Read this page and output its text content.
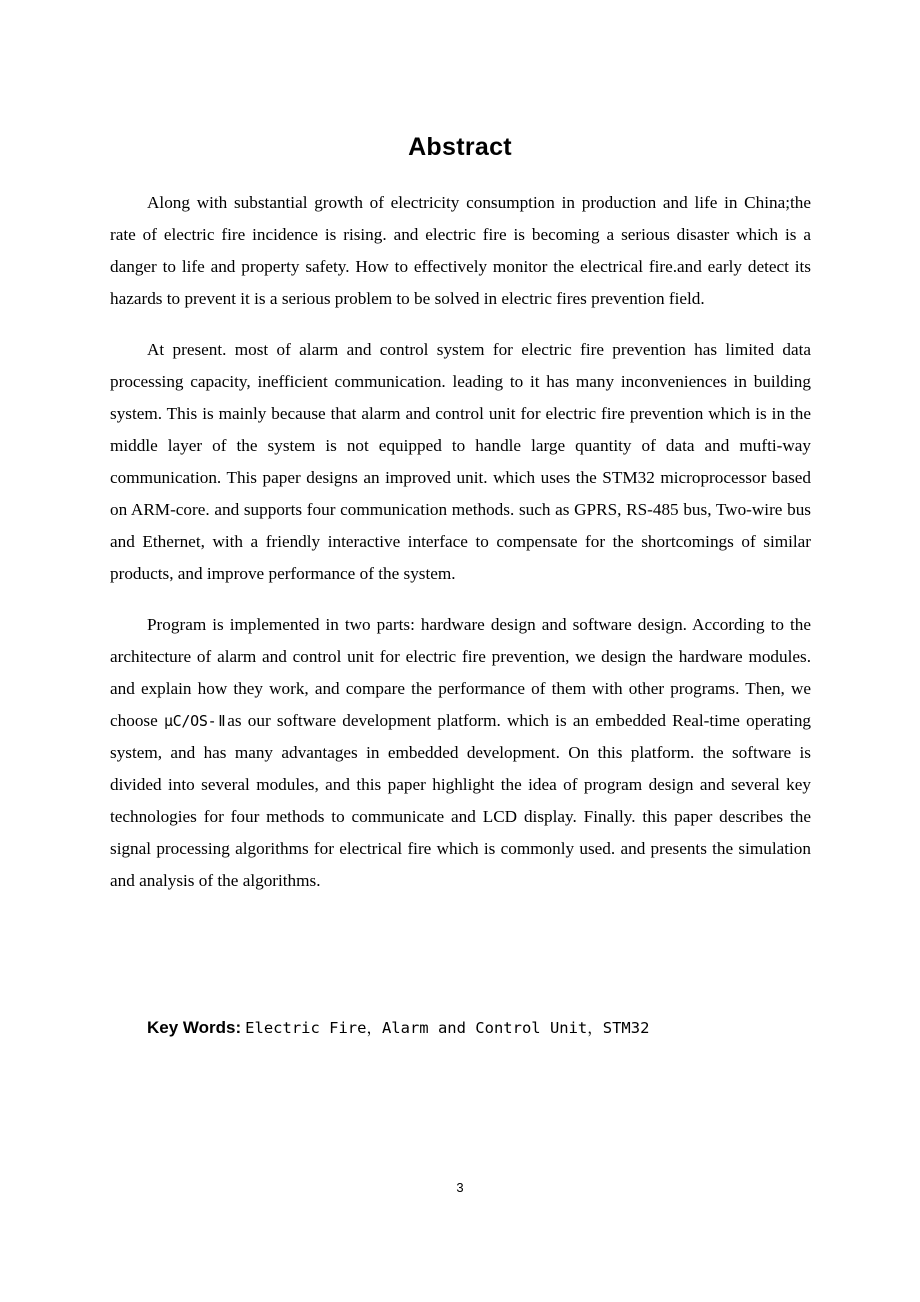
Abstract

Along with substantial growth of electricity consumption in production and life in China;the rate of electric fire incidence is rising. and electric fire is becoming a serious disaster which is a danger to life and property safety. How to effectively monitor the electrical fire.and early detect its hazards to prevent it is a serious problem to be solved in electric fires prevention field.

At present. most of alarm and control system for electric fire prevention has limited data processing capacity, inefficient communication. leading to it has many inconveniences in building system. This is mainly because that alarm and control unit for electric fire prevention which is in the middle layer of the system is not equipped to handle large quantity of data and mufti-way communication. This paper designs an improved unit. which uses the STM32 microprocessor based on ARM-core. and supports four communication methods. such as GPRS, RS-485 bus, Two-wire bus and Ethernet, with a friendly interactive interface to compensate for the shortcomings of similar products, and improve performance of the system.

Program is implemented in two parts: hardware design and software design. According to the architecture of alarm and control unit for electric fire prevention, we design the hardware modules. and explain how they work, and compare the performance of them with other programs. Then, we choose μC/OS-Ⅱas our software development platform. which is an embedded Real-time operating system, and has many advantages in embedded development. On this platform. the software is divided into several modules, and this paper highlight the idea of program design and several key technologies for four methods to communicate and LCD display. Finally. this paper describes the signal processing algorithms for electrical fire which is commonly used. and presents the simulation and analysis of the algorithms.

Key Words: Electric Fire，Alarm and Control Unit，STM32
3
